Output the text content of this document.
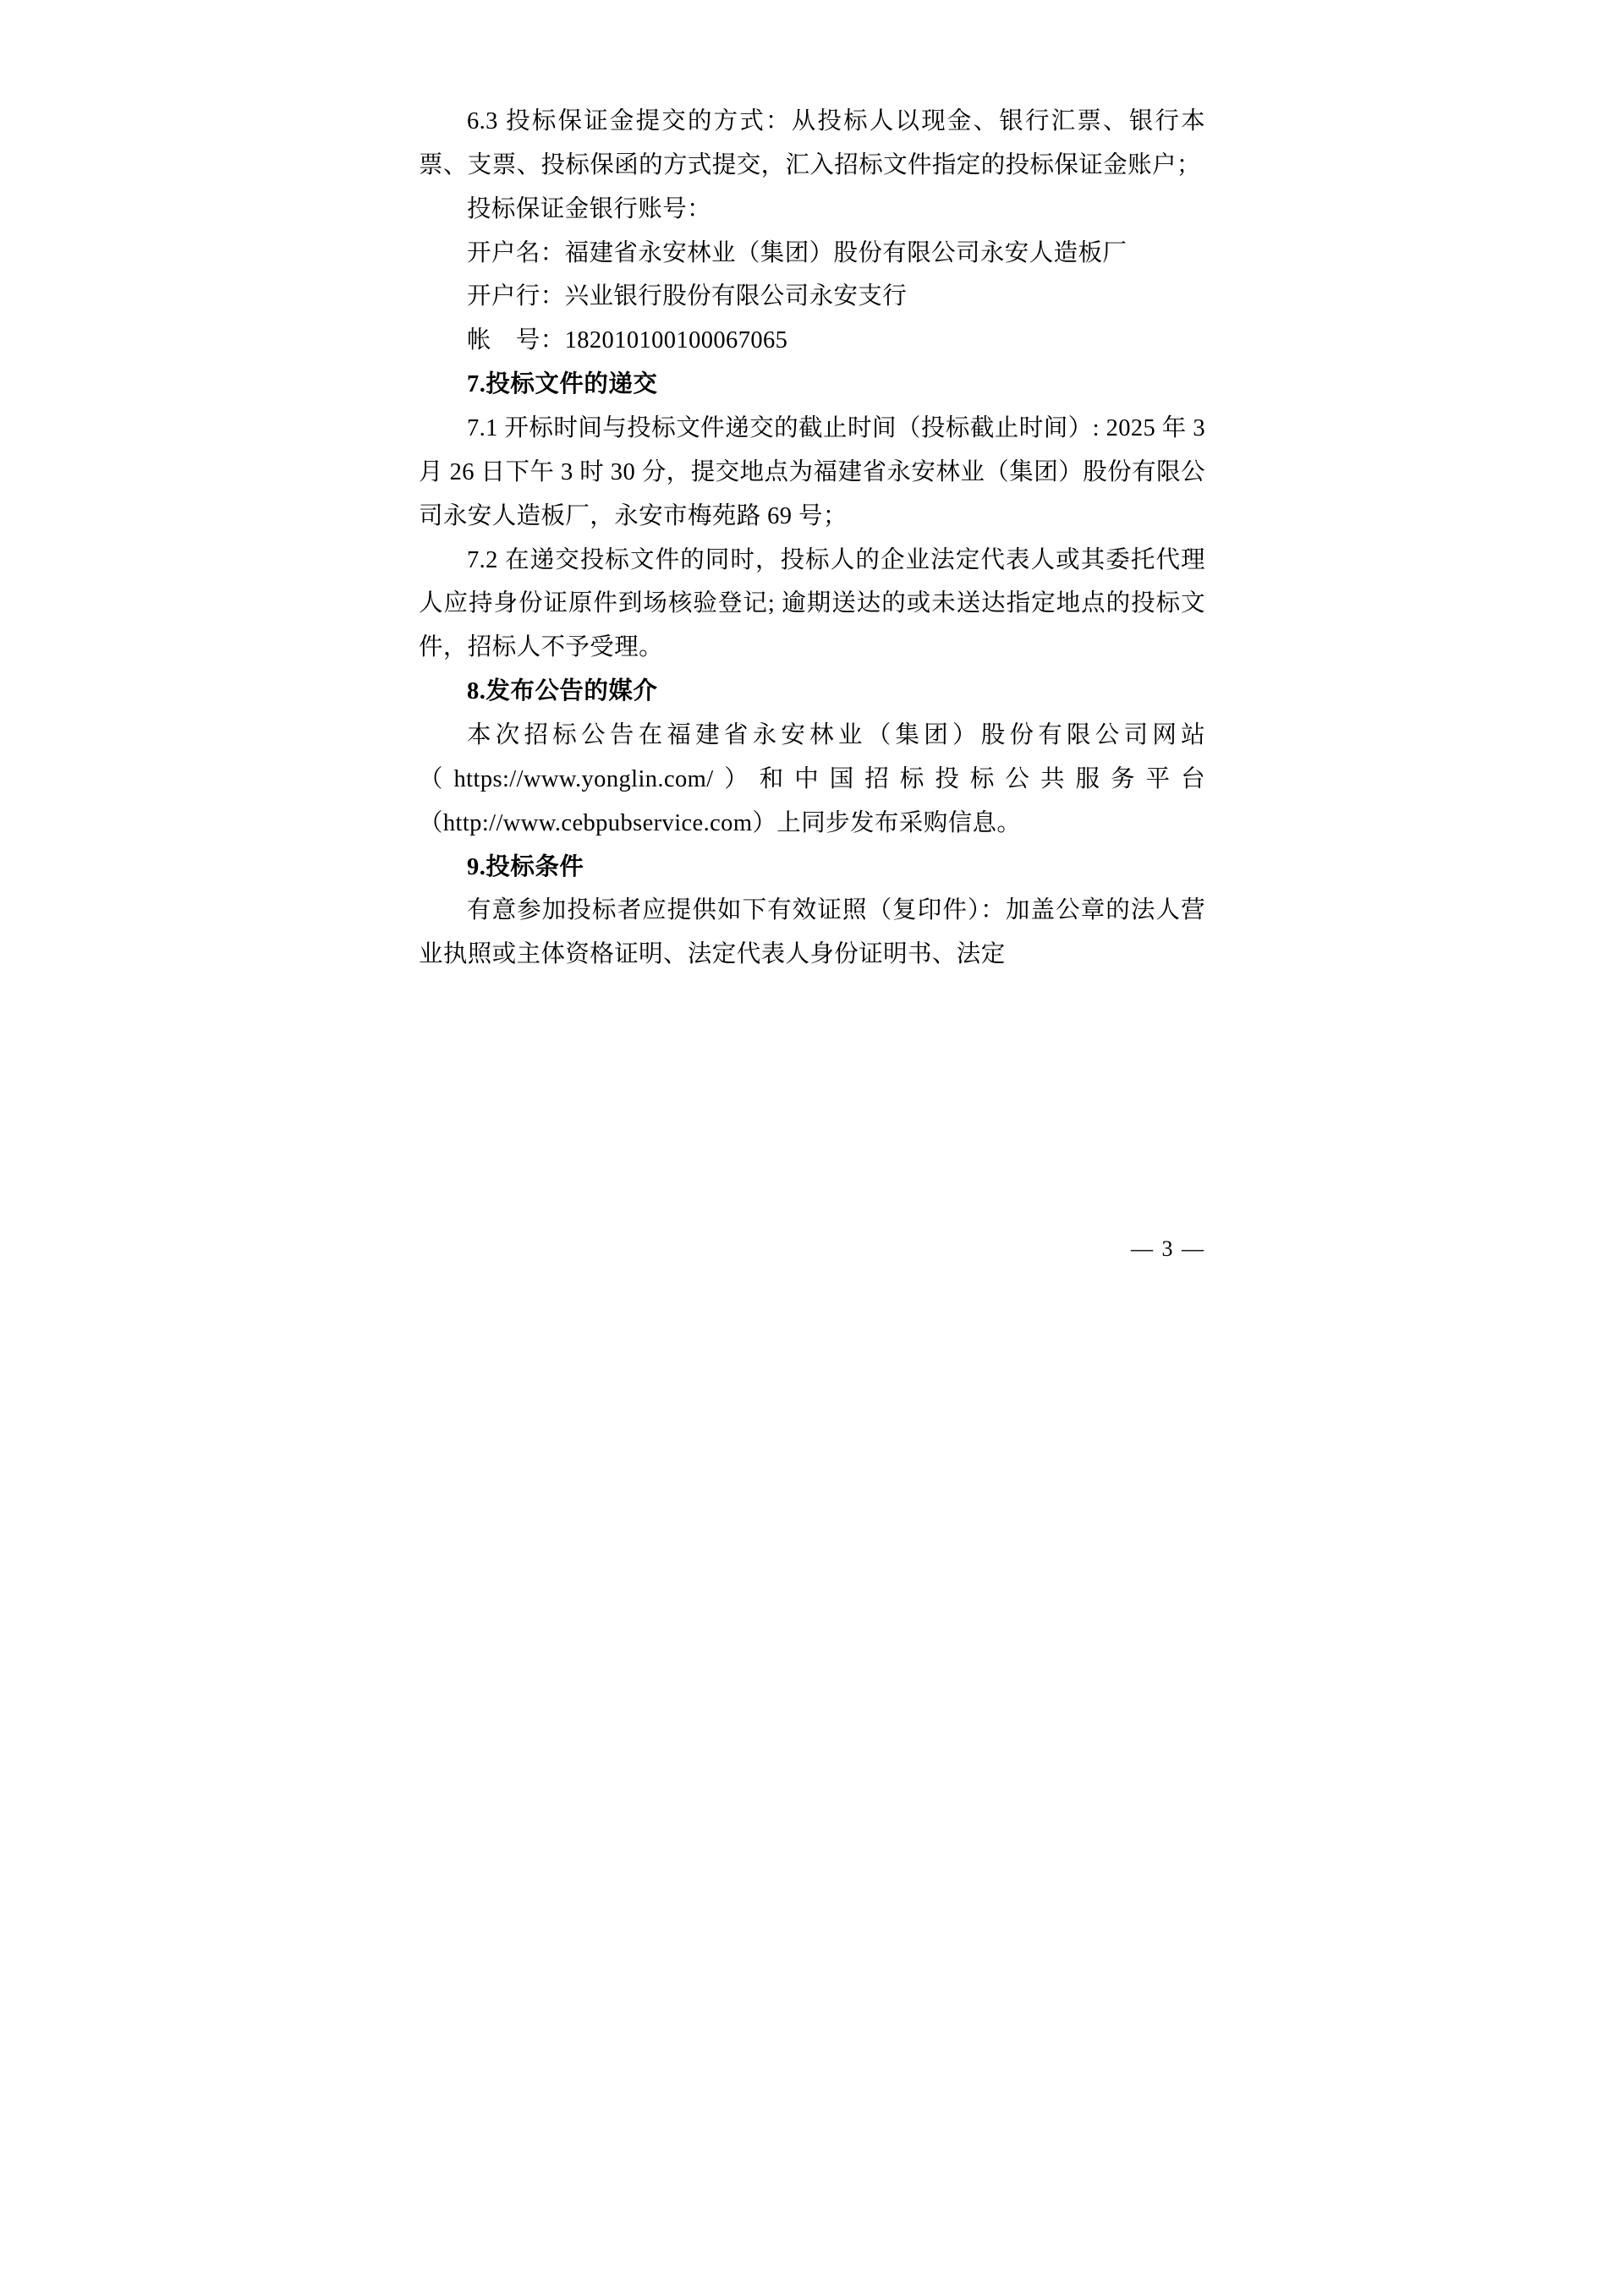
6.3 投标保证金提交的方式：从投标人以现金、银行汇票、银行本票、支票、投标保函的方式提交，汇入招标文件指定的投标保证金账户；

投标保证金银行账号：

开户名：福建省永安林业（集团）股份有限公司永安人造板厂

开户行：兴业银行股份有限公司永安支行

帐　号：182010100100067065

7.投标文件的递交

7.1 开标时间与投标文件递交的截止时间（投标截止时间）: 2025 年 3 月 26 日下午 3 时 30 分，提交地点为福建省永安林业（集团）股份有限公司永安人造板厂，永安市梅苑路 69 号；

7.2 在递交投标文件的同时，投标人的企业法定代表人或其委托代理人应持身份证原件到场核验登记; 逾期送达的或未送达指定地点的投标文件，招标人不予受理。

8.发布公告的媒介

本次招标公告在福建省永安林业（集团）股份有限公司网站（https://www.yonglin.com/）和中国招标投标公共服务平台（http://www.cebpubservice.com）上同步发布采购信息。

9.投标条件

有意参加投标者应提供如下有效证照（复印件）：加盖公章的法人营业执照或主体资格证明、法定代表人身份证明书、法定

— 3 —
